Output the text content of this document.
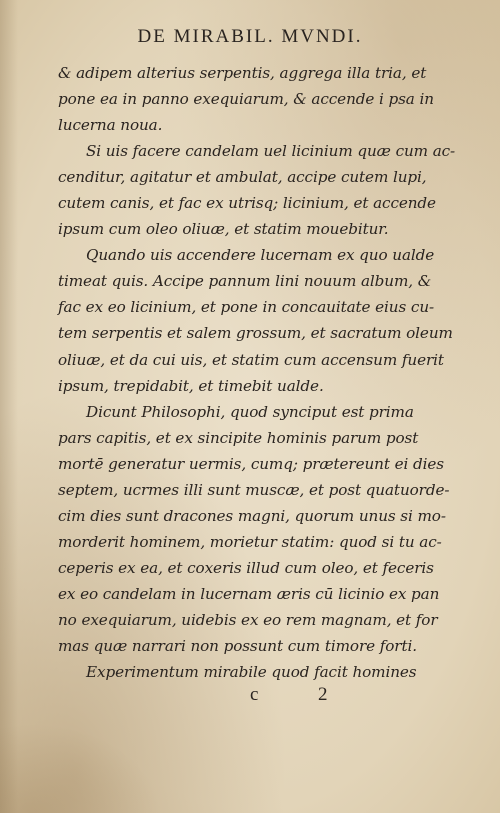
DE MIRABIL. MVNDI.
& adipem alterius serpentis, aggrega illa tria, et
pone ea in panno exequiarum, & accende i psa in
lucerna noua.
Si uis facere candelam uel licinium quæ cum ac-
cenditur, agitatur et ambulat, accipe cutem lupi,
cutem canis, et fac ex utrisq; licinium, et accende
ipsum cum oleo oliuæ, et statim mouebitur.
Quando uis accendere lucernam ex quo ualde
timeat quis. Accipe pannum lini nouum album, &
fac ex eo licinium, et pone in concauitate eius cu-
tem serpentis et salem grossum, et sacratum oleum
oliuæ, et da cui uis, et statim cum accensum fuerit
ipsum, trepidabit, et timebit ualde.
Dicunt Philosophi, quod synciput est prima
pars capitis, et ex sincipite hominis parum post
mortē generatur uermis, cumq; prætereunt ei dies
septem, ucrmes illi sunt muscæ, et post quatuorde-
cim dies sunt dracones magni, quorum unus si mo-
morderit hominem, morietur statim: quod si tu ac-
ceperis ex ea, et coxeris illud cum oleo, et feceris
ex eo candelam in lucernam æris cū licinio ex pan
no exequiarum, uidebis ex eo rem magnam, et for
mas quæ narrari non possunt cum timore forti.
Experimentum mirabile quod facit homines
c	2
